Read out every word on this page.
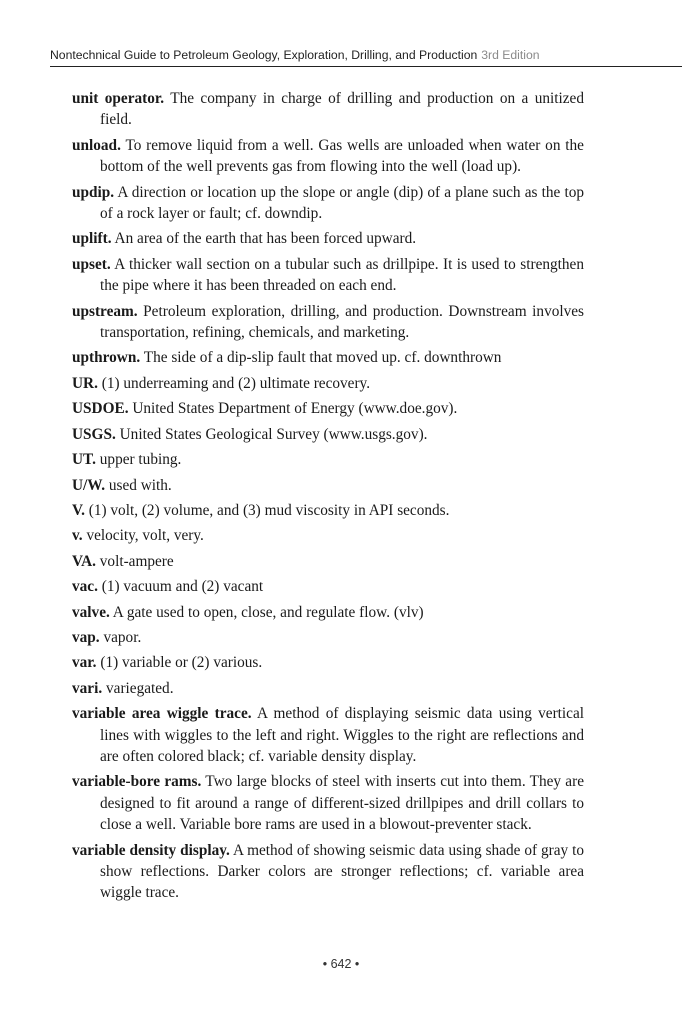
Nontechnical Guide to Petroleum Geology, Exploration, Drilling, and Production 3rd Edition

unit operator. The company in charge of drilling and production on a unitized field.

unload. To remove liquid from a well. Gas wells are unloaded when water on the bottom of the well prevents gas from flowing into the well (load up).

updip. A direction or location up the slope or angle (dip) of a plane such as the top of a rock layer or fault; cf. downdip.

uplift. An area of the earth that has been forced upward.

upset. A thicker wall section on a tubular such as drillpipe. It is used to strengthen the pipe where it has been threaded on each end.

upstream. Petroleum exploration, drilling, and production. Downstream involves transportation, refining, chemicals, and marketing.

upthrown. The side of a dip-slip fault that moved up. cf. downthrown

UR. (1) underreaming and (2) ultimate recovery.

USDOE. United States Department of Energy (www.doe.gov).

USGS. United States Geological Survey (www.usgs.gov).

UT. upper tubing.

U/W. used with.

V. (1) volt, (2) volume, and (3) mud viscosity in API seconds.

v. velocity, volt, very.

VA. volt-ampere

vac. (1) vacuum and (2) vacant

valve. A gate used to open, close, and regulate flow. (vlv)

vap. vapor.

var. (1) variable or (2) various.

vari. variegated.

variable area wiggle trace. A method of displaying seismic data using vertical lines with wiggles to the left and right. Wiggles to the right are reflections and are often colored black; cf. variable density display.

variable-bore rams. Two large blocks of steel with inserts cut into them. They are designed to fit around a range of different-sized drillpipes and drill collars to close a well. Variable bore rams are used in a blowout-preventer stack.

variable density display. A method of showing seismic data using shade of gray to show reflections. Darker colors are stronger reflections; cf. variable area wiggle trace.

• 642 •
